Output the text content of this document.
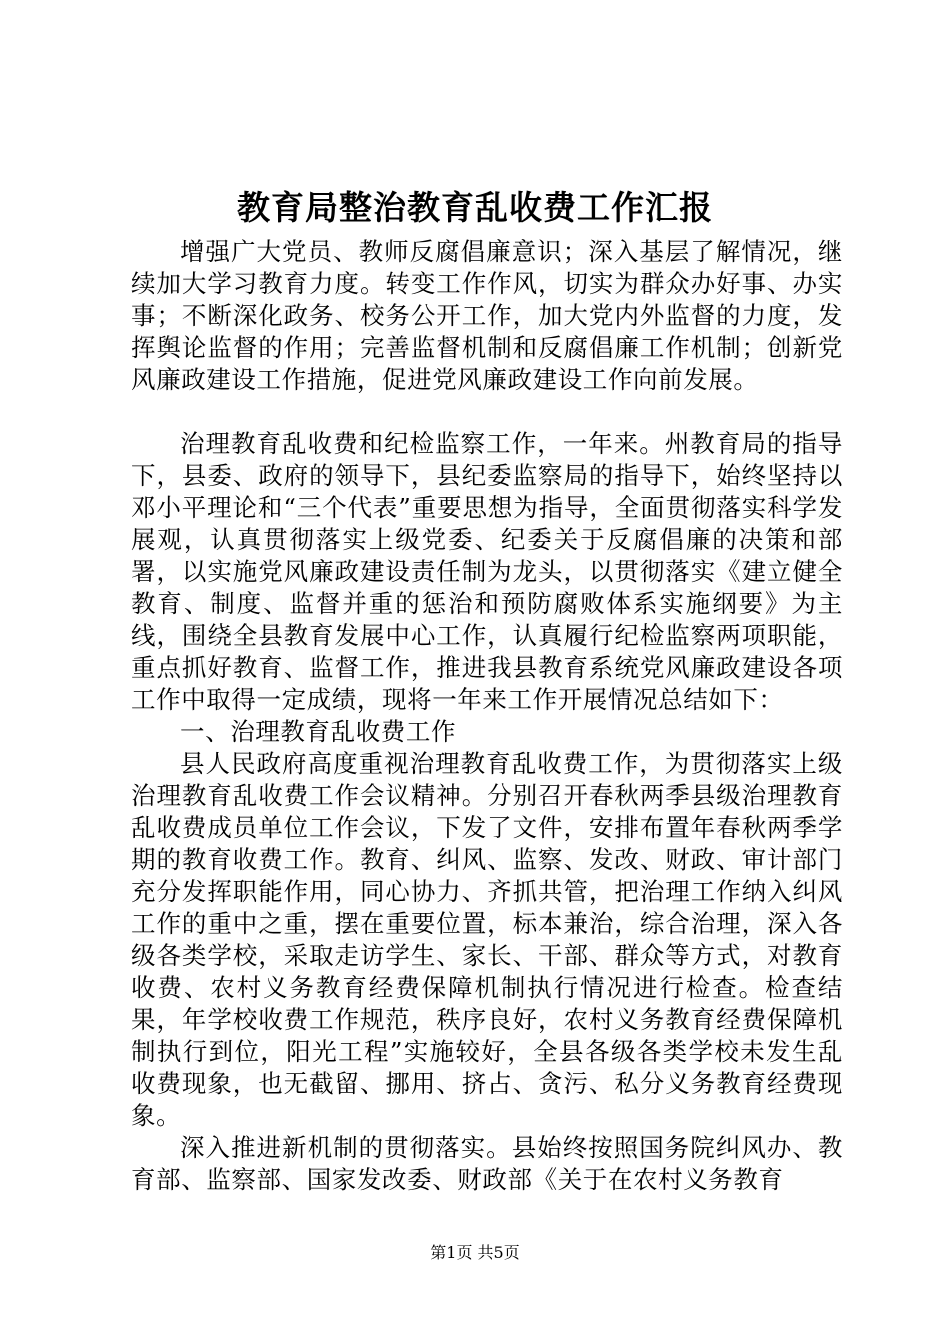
教育局整治教育乱收费工作汇报

增强广大党员、教师反腐倡廉意识；深入基层了解情况，继续加大学习教育力度。转变工作作风，切实为群众办好事、办实事；不断深化政务、校务公开工作，加大党内外监督的力度，发挥舆论监督的作用；完善监督机制和反腐倡廉工作机制；创新党风廉政建设工作措施，促进党风廉政建设工作向前发展。

治理教育乱收费和纪检监察工作，一年来。州教育局的指导下，县委、政府的领导下，县纪委监察局的指导下，始终坚持以邓小平理论和“三个代表”重要思想为指导，全面贯彻落实科学发展观，认真贯彻落实上级党委、纪委关于反腐倡廉的决策和部署，以实施党风廉政建设责任制为龙头，以贯彻落实《建立健全教育、制度、监督并重的惩治和预防腐败体系实施纲要》为主线，围绕全县教育发展中心工作，认真履行纪检监察两项职能，重点抓好教育、监督工作，推进我县教育系统党风廉政建设各项工作中取得一定成绩，现将一年来工作开展情况总结如下：

一、治理教育乱收费工作

县人民政府高度重视治理教育乱收费工作，为贯彻落实上级治理教育乱收费工作会议精神。分别召开春秋两季县级治理教育乱收费成员单位工作会议，下发了文件，安排布置年春秋两季学期的教育收费工作。教育、纠风、监察、发改、财政、审计部门充分发挥职能作用，同心协力、齐抓共管，把治理工作纳入纠风工作的重中之重，摆在重要位置，标本兼治，综合治理，深入各级各类学校，采取走访学生、家长、干部、群众等方式，对教育收费、农村义务教育经费保障机制执行情况进行检查。检查结果，年学校收费工作规范，秩序良好，农村义务教育经费保障机制执行到位，阳光工程”实施较好，全县各级各类学校未发生乱收费现象，也无截留、挪用、挤占、贪污、私分义务教育经费现象。

深入推进新机制的贯彻落实。县始终按照国务院纠风办、教育部、监察部、国家发改委、财政部《关于在农村义务教育

第1页 共5页
